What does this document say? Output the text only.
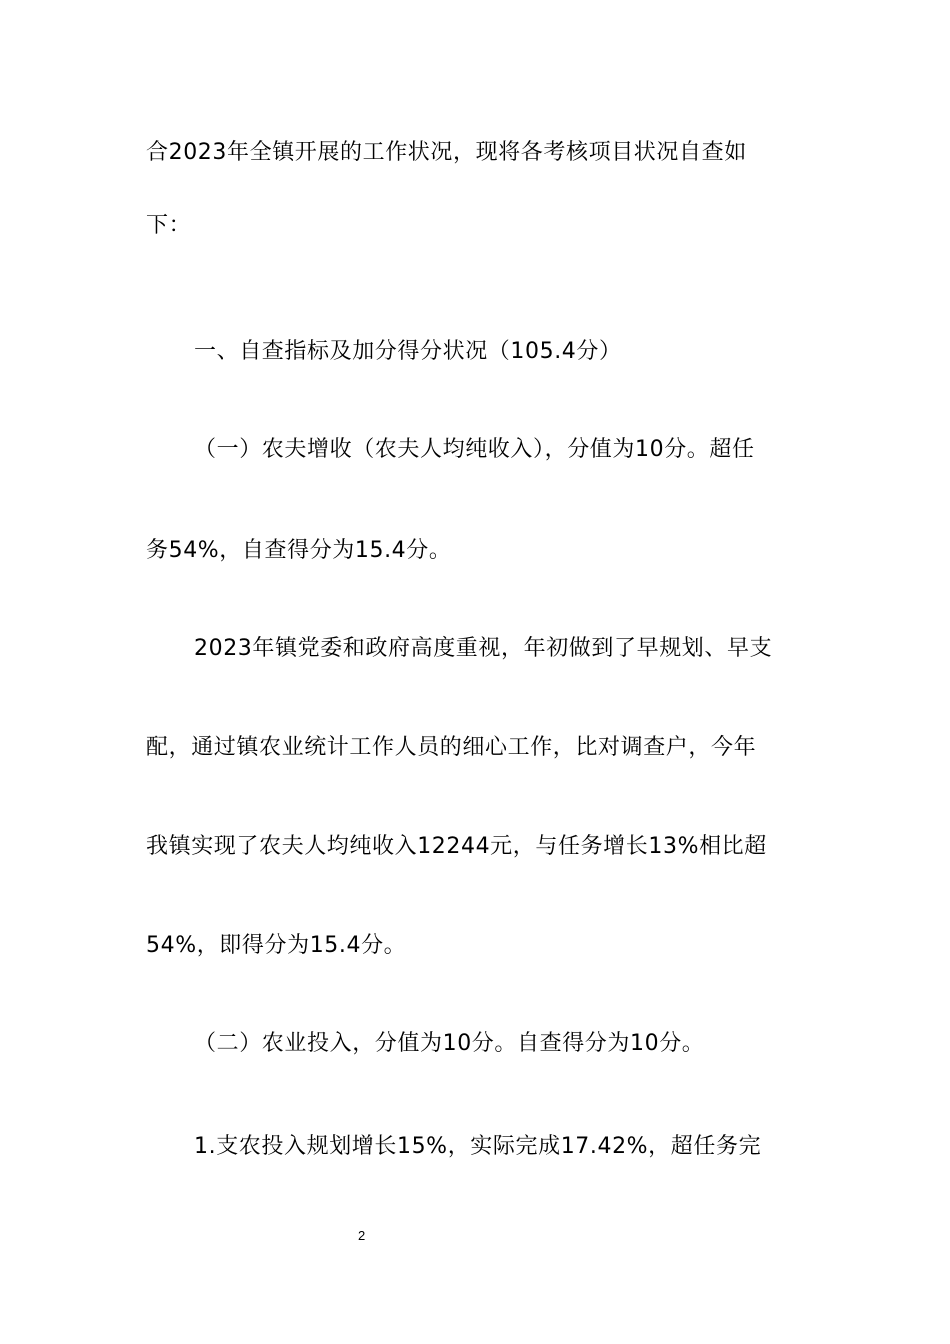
合2023年全镇开展的工作状况，现将各考核项目状况自查如
下：
一、自查指标及加分得分状况（105.4分）
（一）农夫增收（农夫人均纯收入），分值为10分。超任
务54%，自查得分为15.4分。
2023年镇党委和政府高度重视，年初做到了早规划、早支
配，通过镇农业统计工作人员的细心工作，比对调查户，今年
我镇实现了农夫人均纯收入12244元，与任务增长13%相比超
54%，即得分为15.4分。
（二）农业投入，分值为10分。自查得分为10分。
1.支农投入规划增长15%，实际完成17.42%，超任务完
2
